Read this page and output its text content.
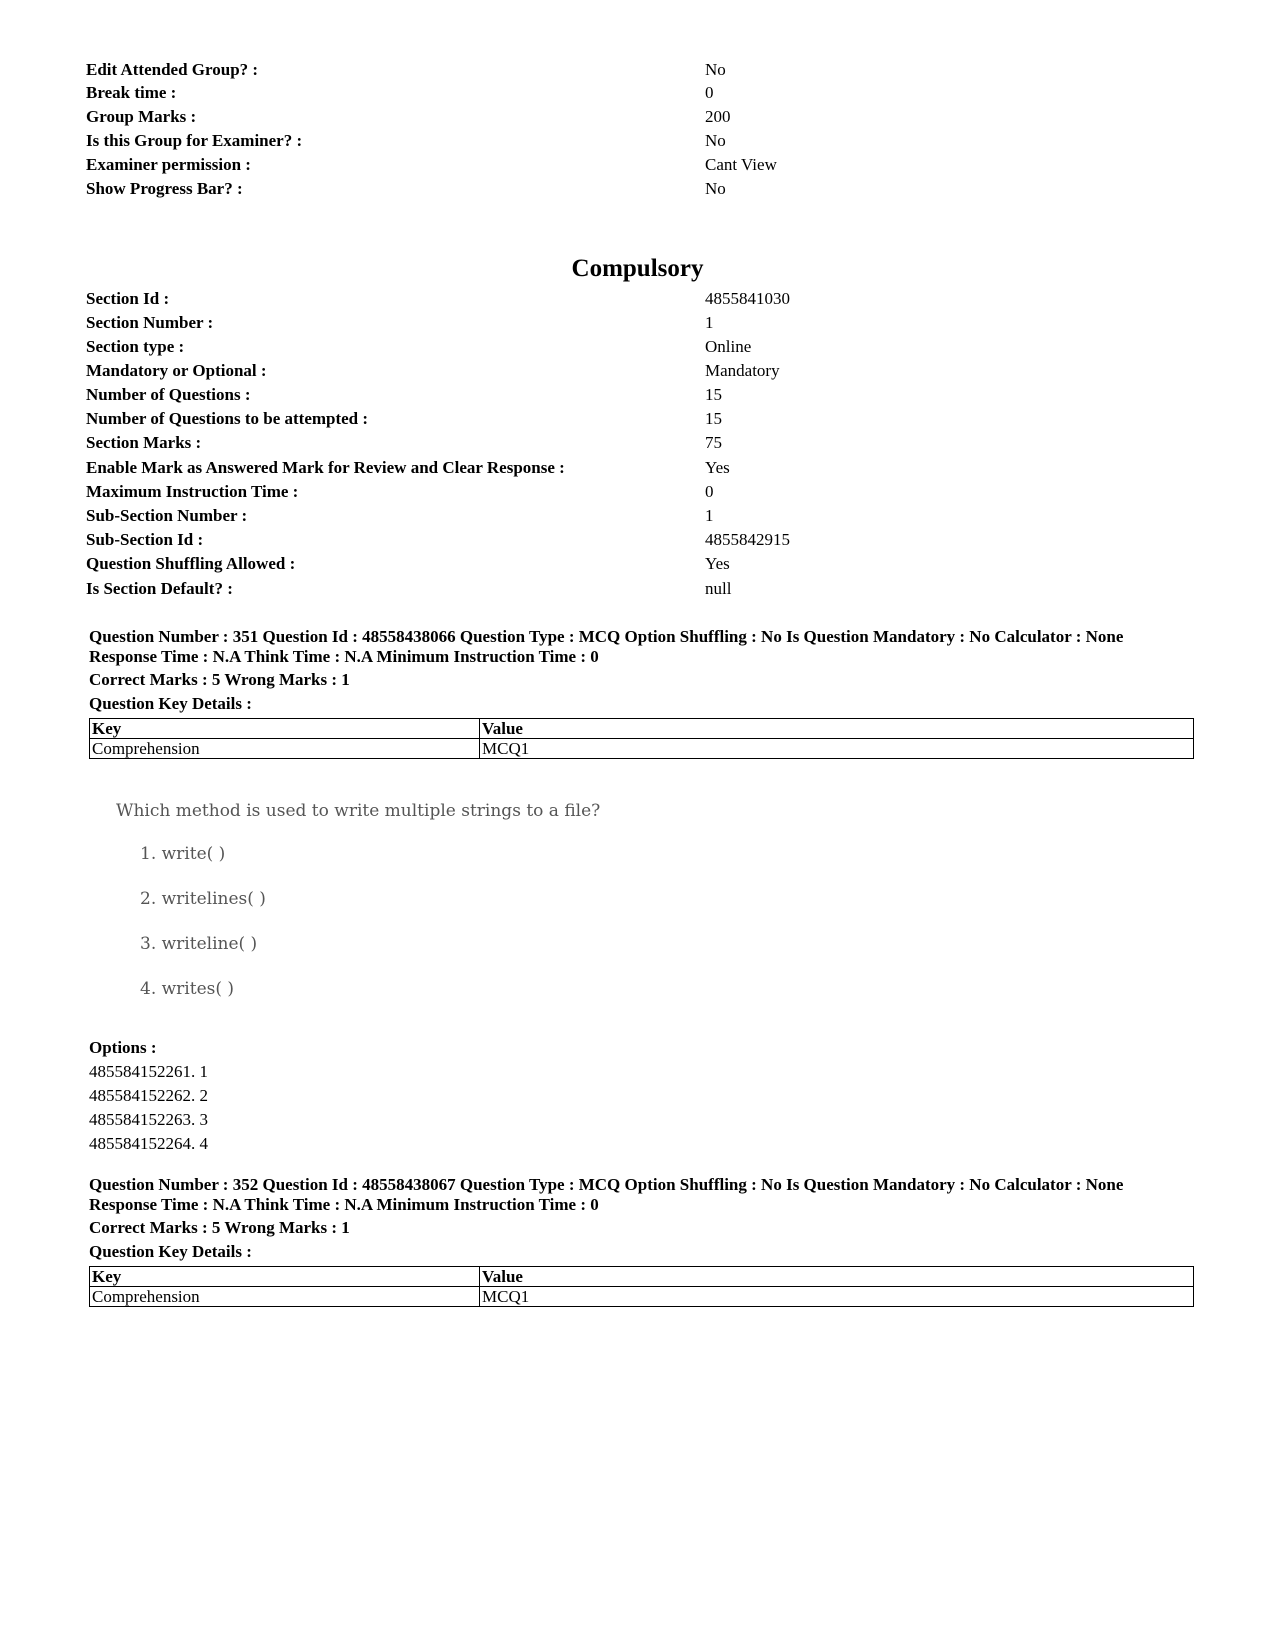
Edit Attended Group? :	No
Break time :	0
Group Marks :	200
Is this Group for Examiner? :	No
Examiner permission :	Cant View
Show Progress Bar? :	No
Compulsory
Section Id :	4855841030
Section Number :	1
Section type :	Online
Mandatory or Optional :	Mandatory
Number of Questions :	15
Number of Questions to be attempted :	15
Section Marks :	75
Enable Mark as Answered Mark for Review and Clear Response :	Yes
Maximum Instruction Time :	0
Sub-Section Number :	1
Sub-Section Id :	4855842915
Question Shuffling Allowed :	Yes
Is Section Default? :	null
Question Number : 351 Question Id : 48558438066 Question Type : MCQ Option Shuffling : No Is Question Mandatory : No Calculator : None
Response Time : N.A Think Time : N.A Minimum Instruction Time : 0
Correct Marks : 5 Wrong Marks : 1
Question Key Details :
Key	Value
Comprehension	MCQ1
Which method is used to write multiple strings to a file?
1. write( )
2. writelines( )
3. writeline( )
4. writes( )
Options :
485584152261. 1
485584152262. 2
485584152263. 3
485584152264. 4
Question Number : 352 Question Id : 48558438067 Question Type : MCQ Option Shuffling : No Is Question Mandatory : No Calculator : None
Response Time : N.A Think Time : N.A Minimum Instruction Time : 0
Correct Marks : 5 Wrong Marks : 1
Question Key Details :
Key	Value
Comprehension	MCQ1
